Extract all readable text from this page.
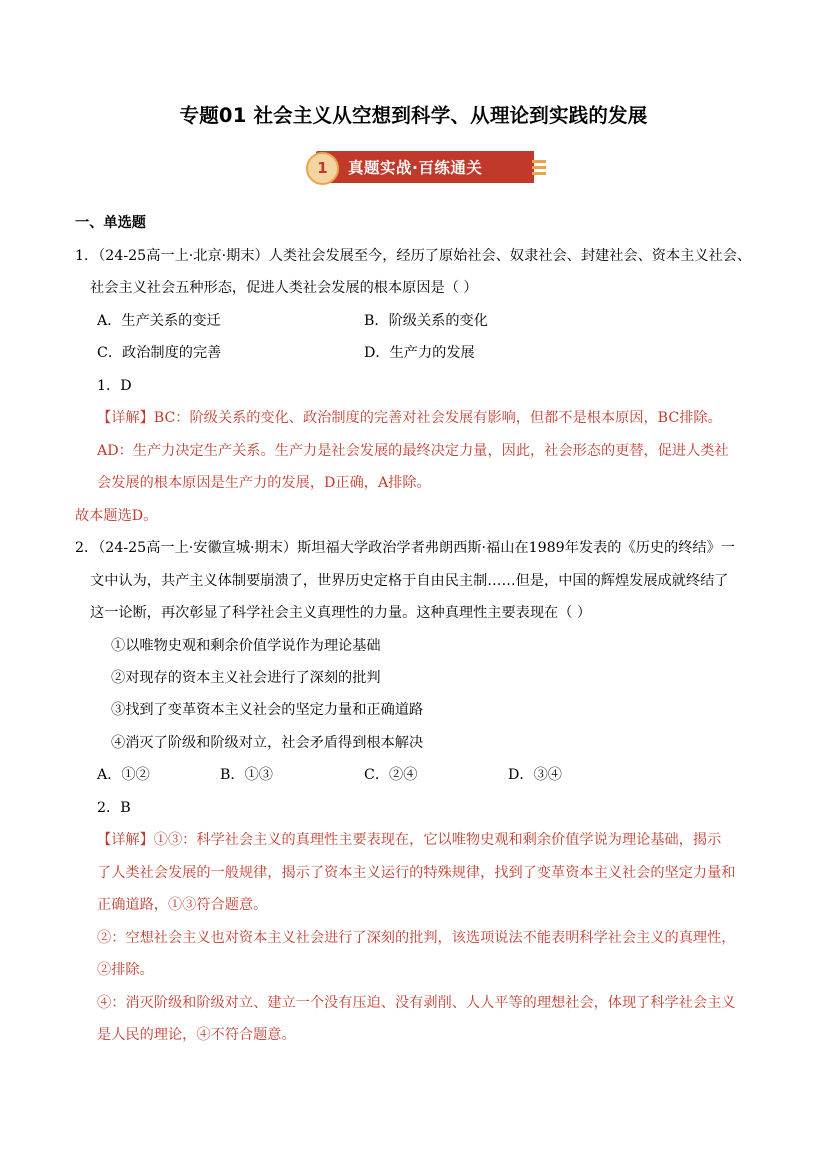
专题01 社会主义从空想到科学、从理论到实践的发展
1	真题实战·百练通关
一、单选题
1．（24-25高一上·北京·期末）人类社会发展至今，经历了原始社会、奴隶社会、封建社会、资本主义社会、
社会主义社会五种形态，促进人类社会发展的根本原因是（ ）
A．生产关系的变迁	B．阶级关系的变化
C．政治制度的完善	D．生产力的发展
1．D
【详解】BC：阶级关系的变化、政治制度的完善对社会发展有影响，但都不是根本原因，BC排除。
AD：生产力决定生产关系。生产力是社会发展的最终决定力量，因此，社会形态的更替，促进人类社
会发展的根本原因是生产力的发展，D正确，A排除。
故本题选D。
2．（24-25高一上·安徽宣城·期末）斯坦福大学政治学者弗朗西斯·福山在1989年发表的《历史的终结》一
文中认为，共产主义体制要崩溃了，世界历史定格于自由民主制……但是，中国的辉煌发展成就终结了
这一论断，再次彰显了科学社会主义真理性的力量。这种真理性主要表现在（ ）
①以唯物史观和剩余价值学说作为理论基础
②对现存的资本主义社会进行了深刻的批判
③找到了变革资本主义社会的坚定力量和正确道路
④消灭了阶级和阶级对立，社会矛盾得到根本解决
A．①②	B．①③	C．②④	D．③④
2．B
【详解】①③：科学社会主义的真理性主要表现在，它以唯物史观和剩余价值学说为理论基础，揭示
了人类社会发展的一般规律，揭示了资本主义运行的特殊规律，找到了变革资本主义社会的坚定力量和
正确道路，①③符合题意。
②：空想社会主义也对资本主义社会进行了深刻的批判，该选项说法不能表明科学社会主义的真理性，
②排除。
④：消灭阶级和阶级对立、建立一个没有压迫、没有剥削、人人平等的理想社会，体现了科学社会主义
是人民的理论，④不符合题意。
